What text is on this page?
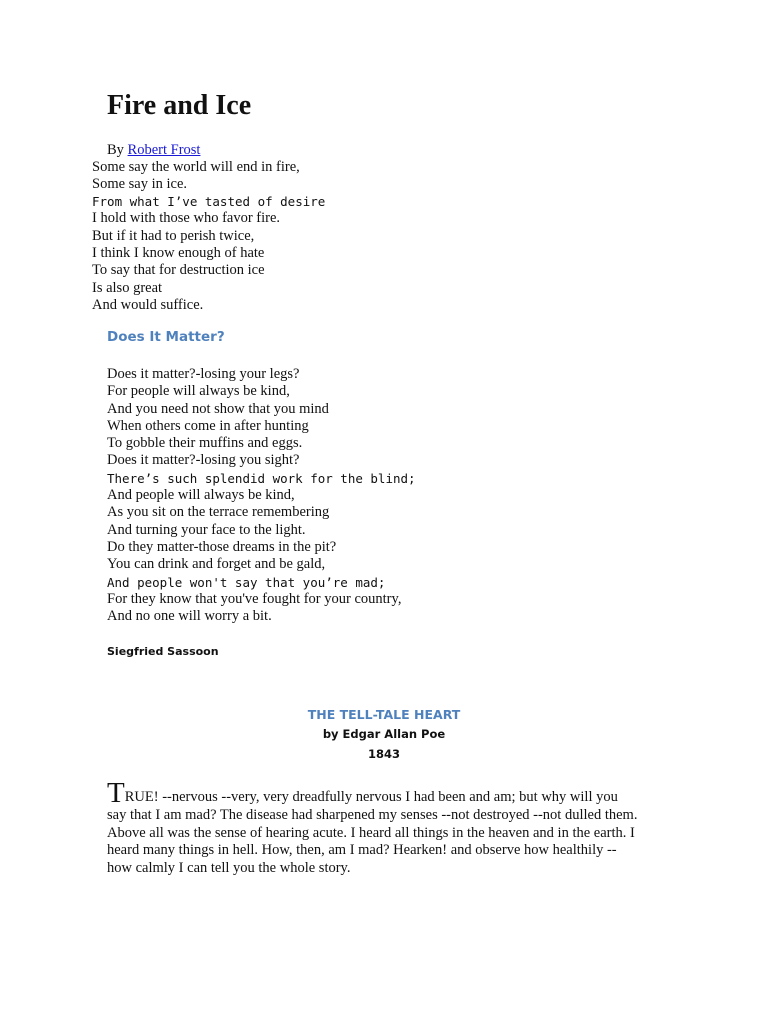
Fire and Ice
By Robert Frost
Some say the world will end in fire,
Some say in ice.
From what I’ve tasted of desire
I hold with those who favor fire.
But if it had to perish twice,
I think I know enough of hate
To say that for destruction ice
Is also great
And would suffice.
Does It Matter?
Does it matter?-losing your legs?
For people will always be kind,
And you need not show that you mind
When others come in after hunting
To gobble their muffins and eggs.
Does it matter?-losing you sight?
There’s such splendid work for the blind;
And people will always be kind,
As you sit on the terrace remembering
And turning your face to the light.
Do they matter-those dreams in the pit?
You can drink and forget and be gald,
And people won't say that you’re mad;
For they know that you've fought for your country,
And no one will worry a bit.
Siegfried Sassoon
THE TELL-TALE HEART
by Edgar Allan Poe
1843

TRUE! --nervous --very, very dreadfully nervous I had been and am; but why will you
say that I am mad? The disease had sharpened my senses --not destroyed --not dulled them.
Above all was the sense of hearing acute. I heard all things in the heaven and in the earth. I
heard many things in hell. How, then, am I mad? Hearken! and observe how healthily --
how calmly I can tell you the whole story.
